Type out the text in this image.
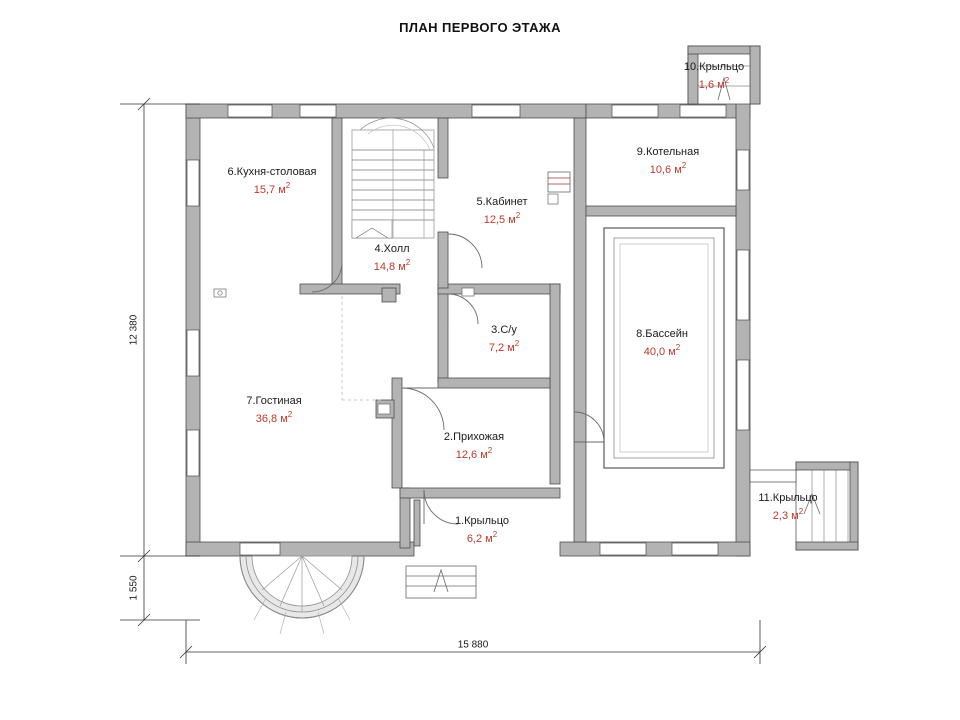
ПЛАН ПЕРВОГО ЭТАЖА
6.Кухня-столовая
15,7 $м^2$
4.Холл
14,8 $м^2$
5.Кабинет
12,5 $м^2$
9.Котельная
10,6 $м^2$
3.С/у
7,2 $м^2$
8.Бассейн
40,0 $м^2$
7.Гостиная
36,8 $м^2$
2.Прихожая
12,6 $м^2$
1.Крыльцо
6,2 $м^2$
10.Крыльцо
1,6 $м^2$
11.Крыльцо
2,3 $м^2$
12 380
1 550
15 880
